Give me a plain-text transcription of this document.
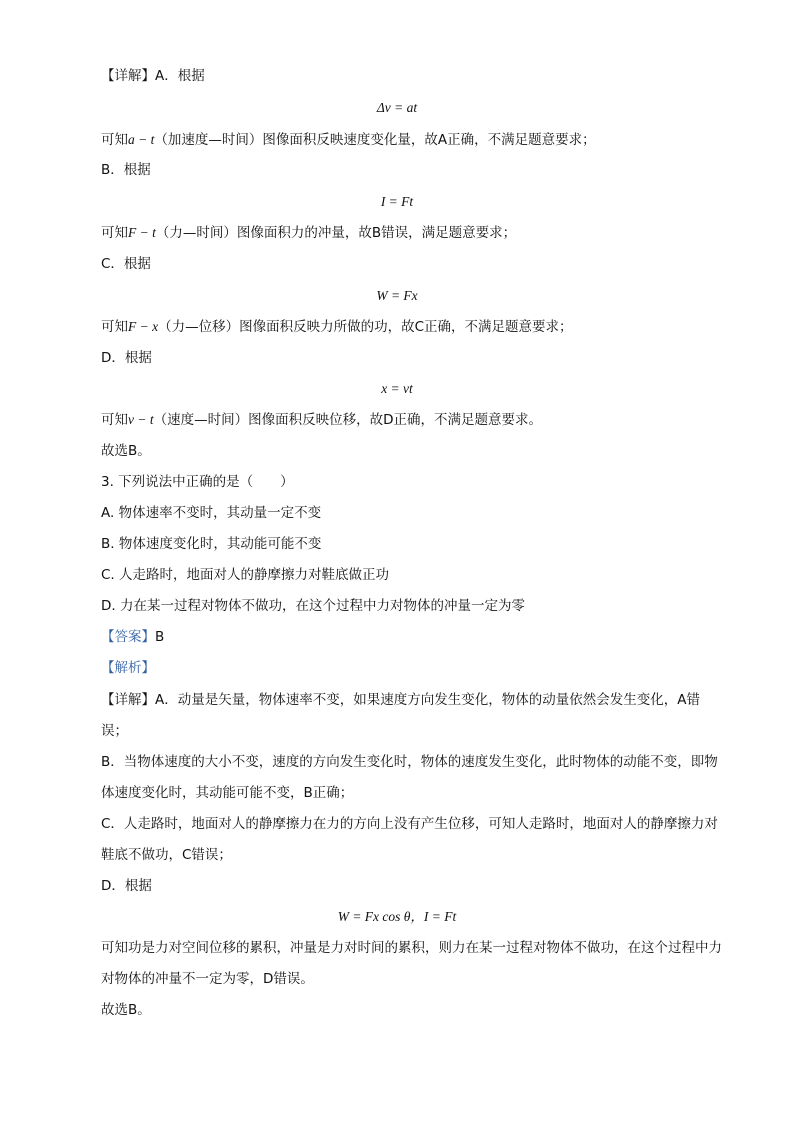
【详解】A．根据
Δv = at
可知a − t（加速度—时间）图像面积反映速度变化量，故A正确，不满足题意要求；
B．根据
I = Ft
可知F − t（力—时间）图像面积力的冲量，故B错误，满足题意要求；
C．根据
W = Fx
可知F − x（力—位移）图像面积反映力所做的功，故C正确，不满足题意要求；
D．根据
x = vt
可知v − t（速度—时间）图像面积反映位移，故D正确，不满足题意要求。
故选B。
3. 下列说法中正确的是（　　）
A. 物体速率不变时，其动量一定不变
B. 物体速度变化时，其动能可能不变
C. 人走路时，地面对人的静摩擦力对鞋底做正功
D. 力在某一过程对物体不做功，在这个过程中力对物体的冲量一定为零
【答案】B
【解析】
【详解】A．动量是矢量，物体速率不变，如果速度方向发生变化，物体的动量依然会发生变化，A错
误；
B．当物体速度的大小不变，速度的方向发生变化时，物体的速度发生变化，此时物体的动能不变，即物
体速度变化时，其动能可能不变，B正确；
C．人走路时，地面对人的静摩擦力在力的方向上没有产生位移，可知人走路时，地面对人的静摩擦力对
鞋底不做功，C错误；
D．根据
W = Fx cos θ，I = Ft
可知功是力对空间位移的累积，冲量是力对时间的累积，则力在某一过程对物体不做功，在这个过程中力
对物体的冲量不一定为零，D错误。
故选B。
